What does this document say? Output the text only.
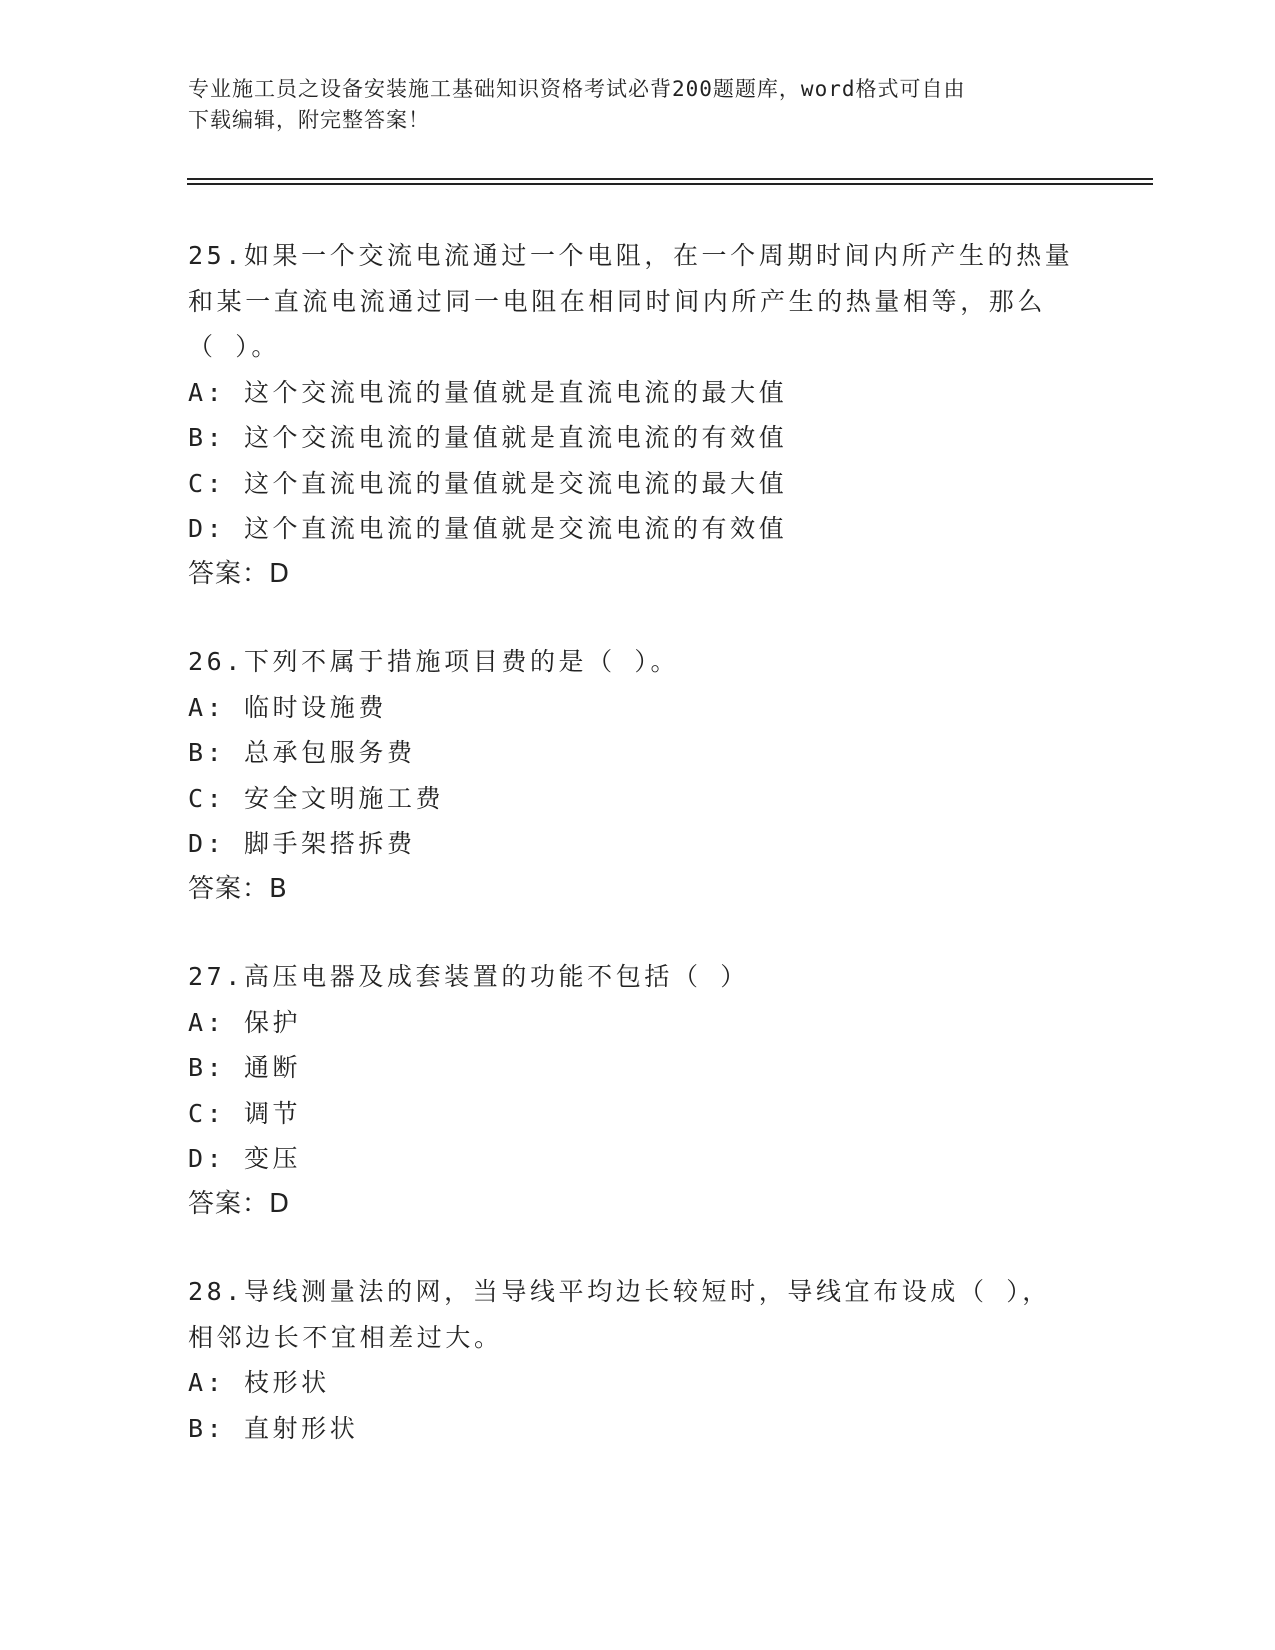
专业施工员之设备安装施工基础知识资格考试必背200题题库，word格式可自由
下载编辑，附完整答案！
25.如果一个交流电流通过一个电阻，在一个周期时间内所产生的热量
和某一直流电流通过同一电阻在相同时间内所产生的热量相等，那么
（ ）。
A: 这个交流电流的量值就是直流电流的最大值
B: 这个交流电流的量值就是直流电流的有效值
C: 这个直流电流的量值就是交流电流的最大值
D: 这个直流电流的量值就是交流电流的有效值
答案：D
26.下列不属于措施项目费的是（ ）。
A: 临时设施费
B: 总承包服务费
C: 安全文明施工费
D: 脚手架搭拆费
答案：B
27.高压电器及成套装置的功能不包括（ ）
A: 保护
B: 通断
C: 调节
D: 变压
答案：D
28.导线测量法的网，当导线平均边长较短时，导线宜布设成（ ），
相邻边长不宜相差过大。
A: 枝形状
B: 直射形状
